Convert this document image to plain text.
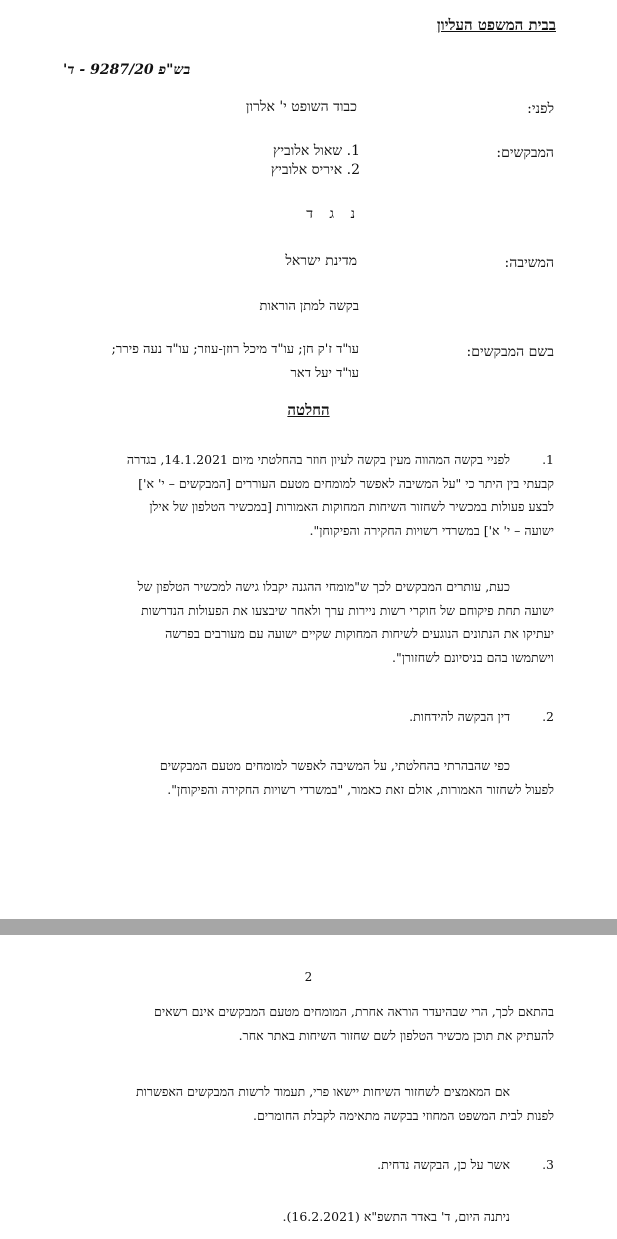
בבית המשפט העליון
בש"פ 9287/20 - ד'
לפני:
כבוד השופט י' אלרון
המבקשים:
1. שאול אלוביץ
2. איריס אלוביץ
נ ג ד
המשיבה:
מדינת ישראל
בקשה למתן הוראות
בשם המבקשים:
עו"ד ז'ק חן; עו"ד מיכל רוזן-עוזר; עו"ד נעה פירר;
עו"ד יעל דאר
החלטה
1.לפניי בקשה המהווה מעין בקשה לעיון חוזר בהחלטתי מיום 14.1.2021, בגדרה
קבעתי בין היתר כי "על המשיבה לאפשר למומחים מטעם העוררים [המבקשים – י' א']
לבצע פעולות במכשיר לשחזור השיחות המחוקות האמורות [במכשיר הטלפון של אילן
ישועה – י' א'] במשרדי רשויות החקירה והפיקוחן".
כעת, עותרים המבקשים לכך ש"מומחי ההגנה יקבלו גישה למכשיר הטלפון של
ישועה תחת פיקוחם של חוקרי רשות ניירות ערך ולאחר שיבצעו את הפעולות הנדרשות
יעתיקו את הנתונים הנוגעים לשיחות המחוקות שקיים ישועה עם מעורבים בפרשה
וישתמשו בהם בניסיונם לשחזורן".
2.דין הבקשה להידחות.
כפי שהבהרתי בהחלטתי, על המשיבה לאפשר למומחים מטעם המבקשים
לפעול לשחזור האמורות, אולם זאת כאמור, "במשרדי רשויות החקירה והפיקוחן".
2
בהתאם לכך, הרי שבהיעדר הוראה אחרת, המומחים מטעם המבקשים אינם רשאים
להעתיק את תוכן מכשיר הטלפון לשם שחזור השיחות באתר אחר.
אם המאמצים לשחזור השיחות יישאו פרי, תעמוד לרשות המבקשים האפשרות
לפנות לבית המשפט המחוזי בבקשה מתאימה לקבלת החומרים.
3.אשר על כן, הבקשה נדחית.
ניתנה היום, ד' באדר התשפ"א (16.2.2021).
